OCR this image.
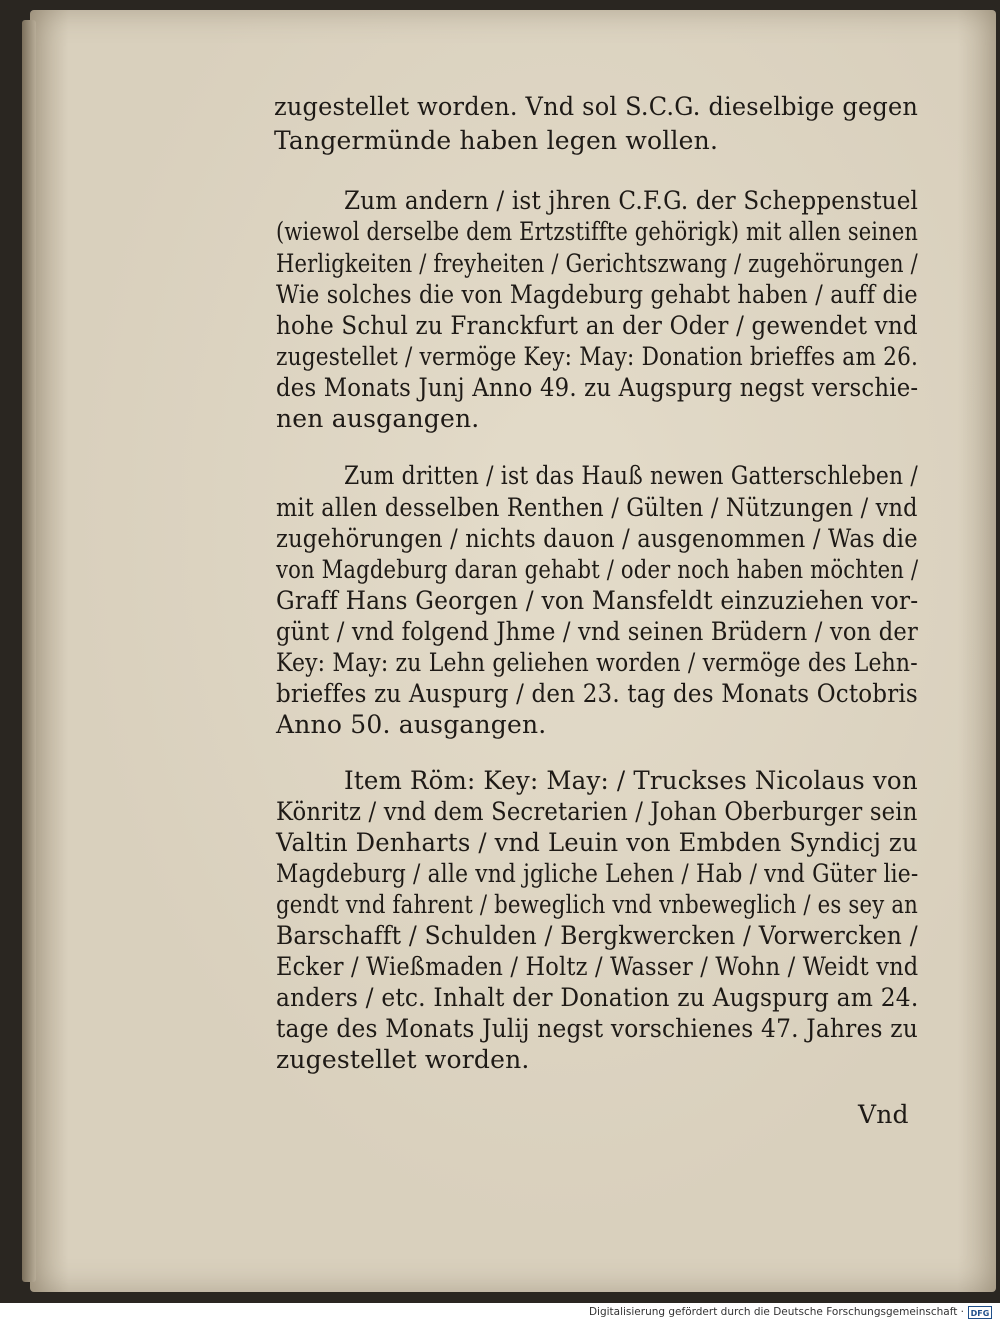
zugestellet worden. Vnd sol S.C.G. dieselbige gegen
Tangermünde haben legen wollen.
Zum andern / ist jhren C.F.G. der Scheppenstuel
(wiewol derselbe dem Ertzstiffte gehörigk) mit allen seinen
Herligkeiten / freyheiten / Gerichtszwang / zugehörungen /
Wie solches die von Magdeburg gehabt haben / auff die
hohe Schul zu Franckfurt an der Oder / gewendet vnd
zugestellet / vermöge Key: May: Donation brieffes am 26.
des Monats Junj Anno 49. zu Augspurg negst verschie-
nen ausgangen.
Zum dritten / ist das Hauß newen Gatterschleben /
mit allen desselben Renthen / Gülten / Nützungen / vnd
zugehörungen / nichts dauon / ausgenommen / Was die
von Magdeburg daran gehabt / oder noch haben möchten /
Graff Hans Georgen / von Mansfeldt einzuziehen vor-
günt / vnd folgend Jhme / vnd seinen Brüdern / von der
Key: May: zu Lehn geliehen worden / vermöge des Lehn-
brieffes zu Auspurg / den 23. tag des Monats Octobris
Anno 50. ausgangen.
Item Röm: Key: May: / Truckses Nicolaus von
Könritz / vnd dem Secretarien / Johan Oberburger sein
Valtin Denharts / vnd Leuin von Embden Syndicj zu
Magdeburg / alle vnd jgliche Lehen / Hab / vnd Güter lie-
gendt vnd fahrent / beweglich vnd vnbeweglich / es sey an
Barschafft / Schulden / Bergkwercken / Vorwercken /
Ecker / Wießmaden / Holtz / Wasser / Wohn / Weidt vnd
anders / etc. Inhalt der Donation zu Augspurg am 24.
tage des Monats Julij negst vorschienes 47. Jahres zu
zugestellet worden.
Vnd
Digitalisierung gefördert durch die Deutsche Forschungsgemeinschaft · DFG
